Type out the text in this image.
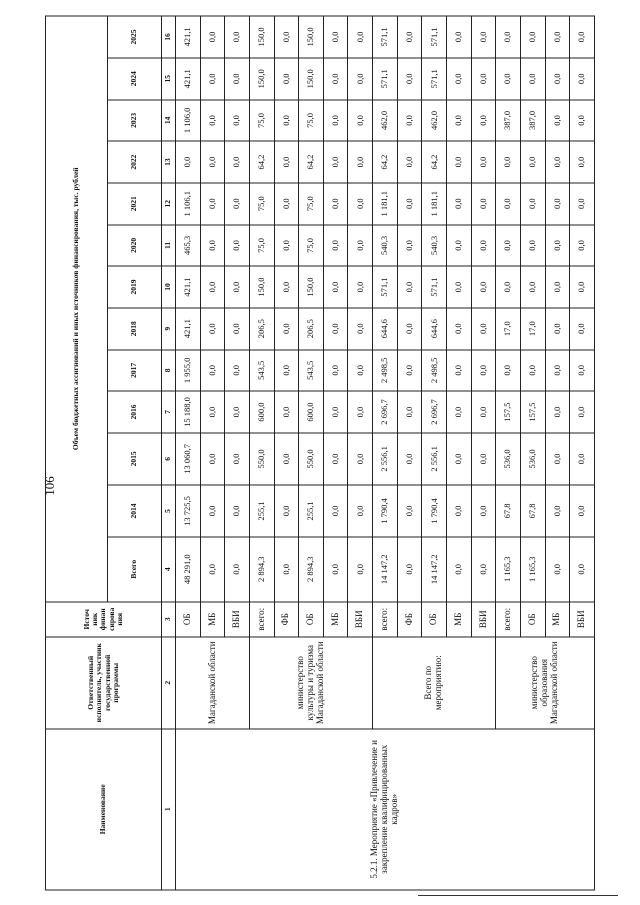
106
Наименование	Ответственный исполнитель, участник государственной программы	Источ ник финан сирова ния	Объем бюджетных ассигнований и иных источников финансирования, тыс. рублей												
			Всего	2014	2015	2016	2017	2018	2019	2020	2021	2022	2023	2024	2025
1	2	3	4	5	6	7	8	9	10	11	12	13	14	15	16
5.2.1. Мероприятие «Привлечение и закрепление квалифицированных кадров»	Магаданской области	ОБ	48 291,0	13 725,5	13 060,7	15 188,0	1 955,0	421,1	421,1	465,3	1 106,1	0,0	1 106,0	421,1	421,1
		МБ	0,0	0,0	0,0	0,0	0,0	0,0	0,0	0,0	0,0	0,0	0,0	0,0	0,0
		ВБИ	0,0	0,0	0,0	0,0	0,0	0,0	0,0	0,0	0,0	0,0	0,0	0,0	0,0
	министерство культуры и туризма Магаданской области	всего:	2 894,3	255,1	550,0	600,0	543,5	206,5	150,0	75,0	75,0	64,2	75,0	150,0	150,0
		ФБ	0,0	0,0	0,0	0,0	0,0	0,0	0,0	0,0	0,0	0,0	0,0	0,0	0,0
		ОБ	2 894,3	255,1	550,0	600,0	543,5	206,5	150,0	75,0	75,0	64,2	75,0	150,0	150,0
		МБ	0,0	0,0	0,0	0,0	0,0	0,0	0,0	0,0	0,0	0,0	0,0	0,0	0,0
		ВБИ	0,0	0,0	0,0	0,0	0,0	0,0	0,0	0,0	0,0	0,0	0,0	0,0	0,0
	Всего по мероприятию:	всего:	14 147,2	1 790,4	2 556,1	2 696,7	2 498,5	644,6	571,1	540,3	1 181,1	64,2	462,0	571,1	571,1
		ФБ	0,0	0,0	0,0	0,0	0,0	0,0	0,0	0,0	0,0	0,0	0,0	0,0	0,0
		ОБ	14 147,2	1 790,4	2 556,1	2 696,7	2 498,5	644,6	571,1	540,3	1 181,1	64,2	462,0	571,1	571,1
		МБ	0,0	0,0	0,0	0,0	0,0	0,0	0,0	0,0	0,0	0,0	0,0	0,0	0,0
		ВБИ	0,0	0,0	0,0	0,0	0,0	0,0	0,0	0,0	0,0	0,0	0,0	0,0	0,0
	министерство образования Магаданской области	всего:	1 165,3	67,8	536,0	157,5	0,0	17,0	0,0	0,0	0,0	0,0	387,0	0,0	0,0
		ОБ	1 165,3	67,8	536,0	157,5	0,0	17,0	0,0	0,0	0,0	0,0	387,0	0,0	0,0
		МБ	0,0	0,0	0,0	0,0	0,0	0,0	0,0	0,0	0,0	0,0	0,0	0,0	0,0
		ВБИ	0,0	0,0	0,0	0,0	0,0	0,0	0,0	0,0	0,0	0,0	0,0	0,0	0,0
